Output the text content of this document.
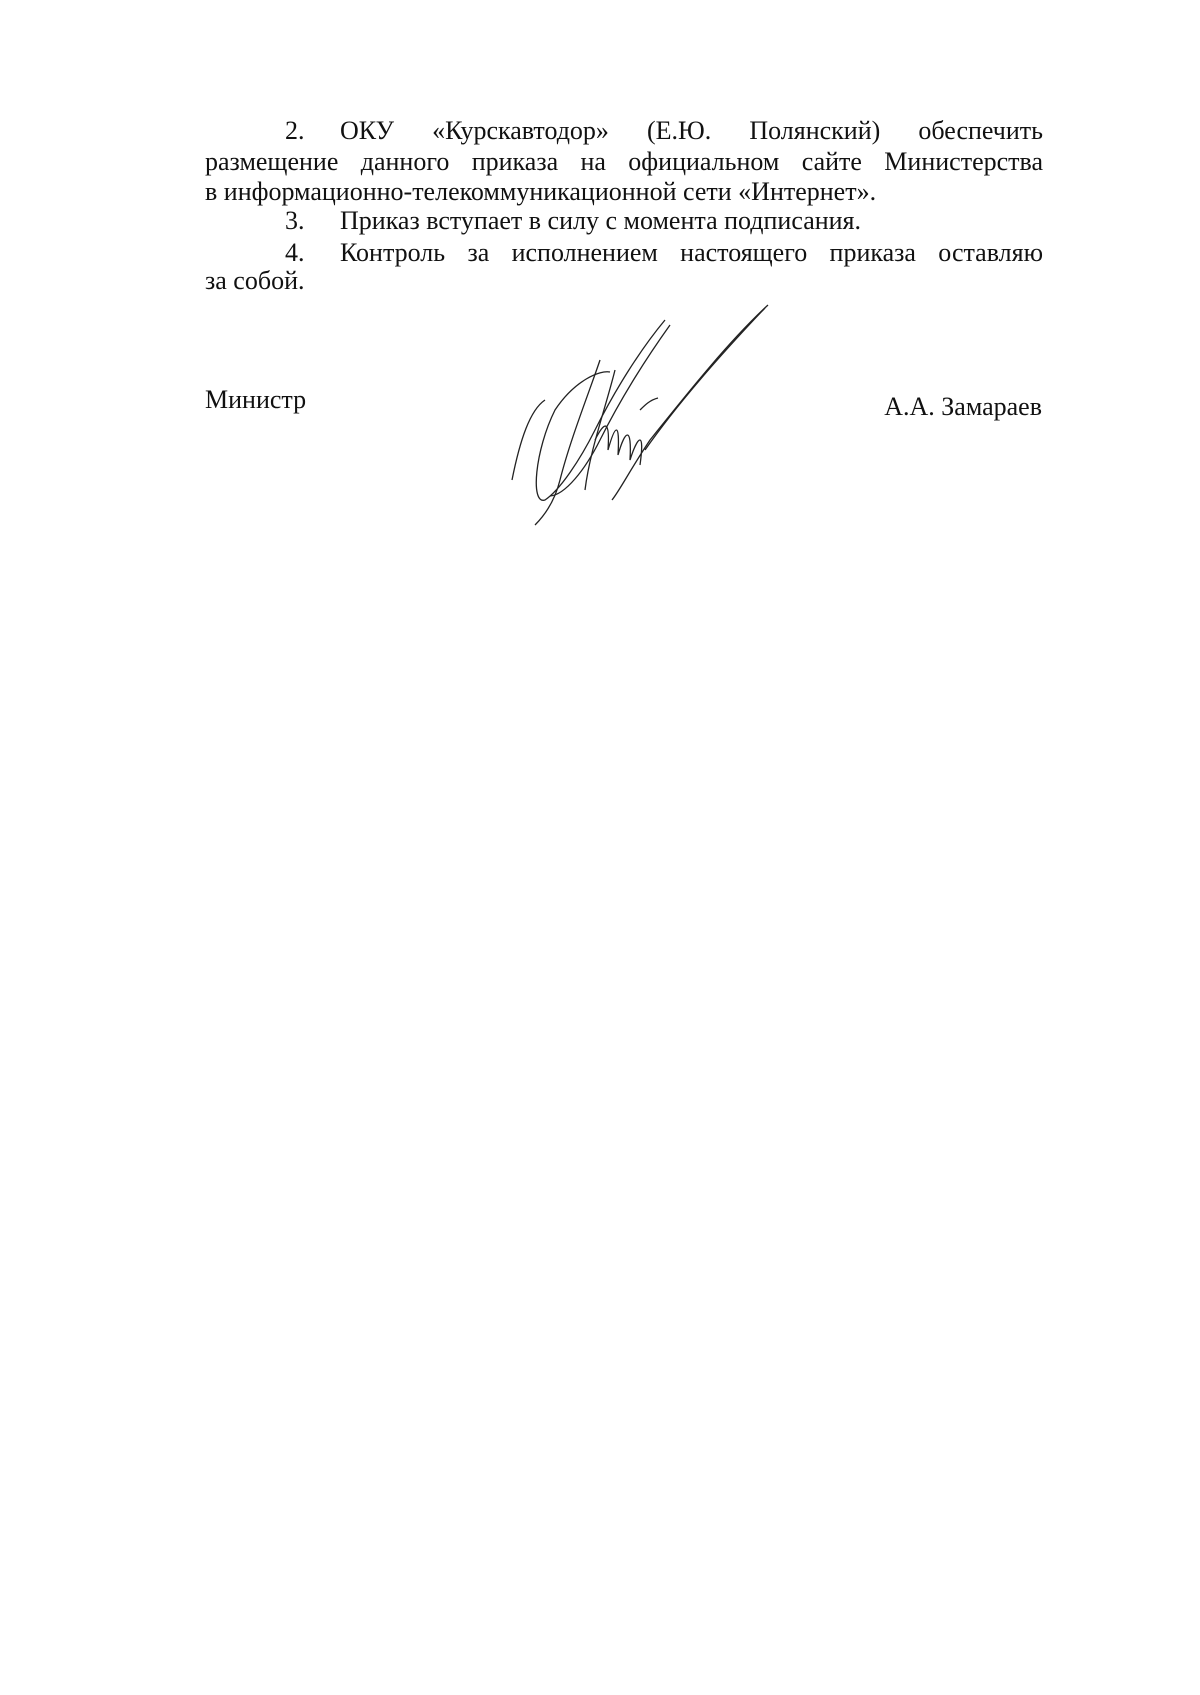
2. ОКУ «Курскавтодор» (Е.Ю. Полянский) обеспечить
размещение данного приказа на официальном сайте Министерства
в информационно-телекоммуникационной сети «Интернет».
3. Приказ вступает в силу с момента подписания.
4. Контроль за исполнением настоящего приказа оставляю
за собой.
Министр	А.А. Замараев
